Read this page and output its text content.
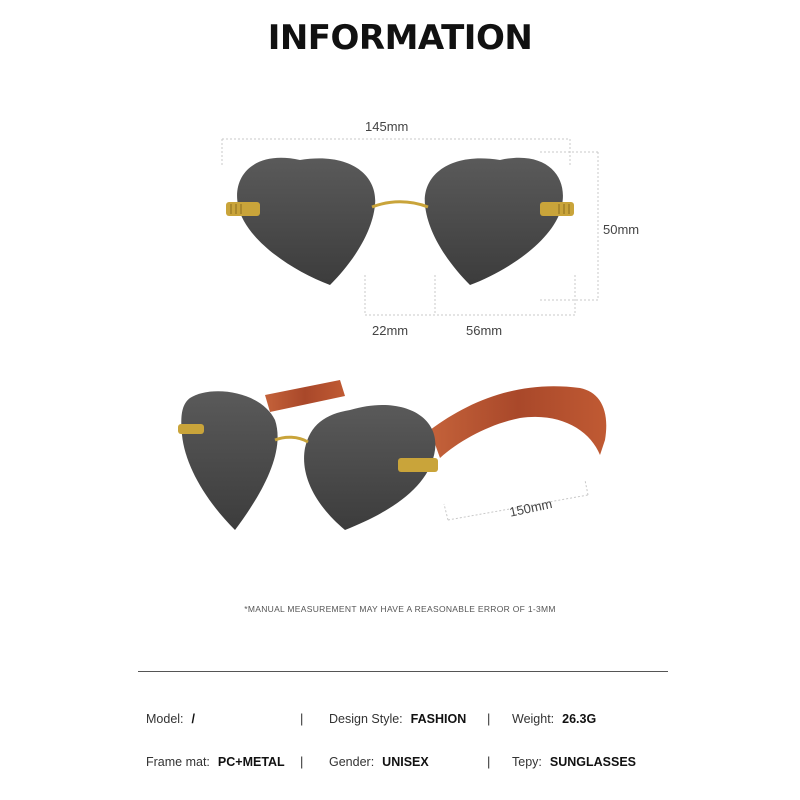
INFORMATION
145mm
50mm
22mm	56mm
150mm
*MANUAL MEASUREMENT MAY HAVE A REASONABLE ERROR OF 1-3MM
Model: /	| Design Style: FASHION | Weight: 26.3G
Frame mat: PC+METAL | Gender: UNISEX	| Tepy: SUNGLASSES
